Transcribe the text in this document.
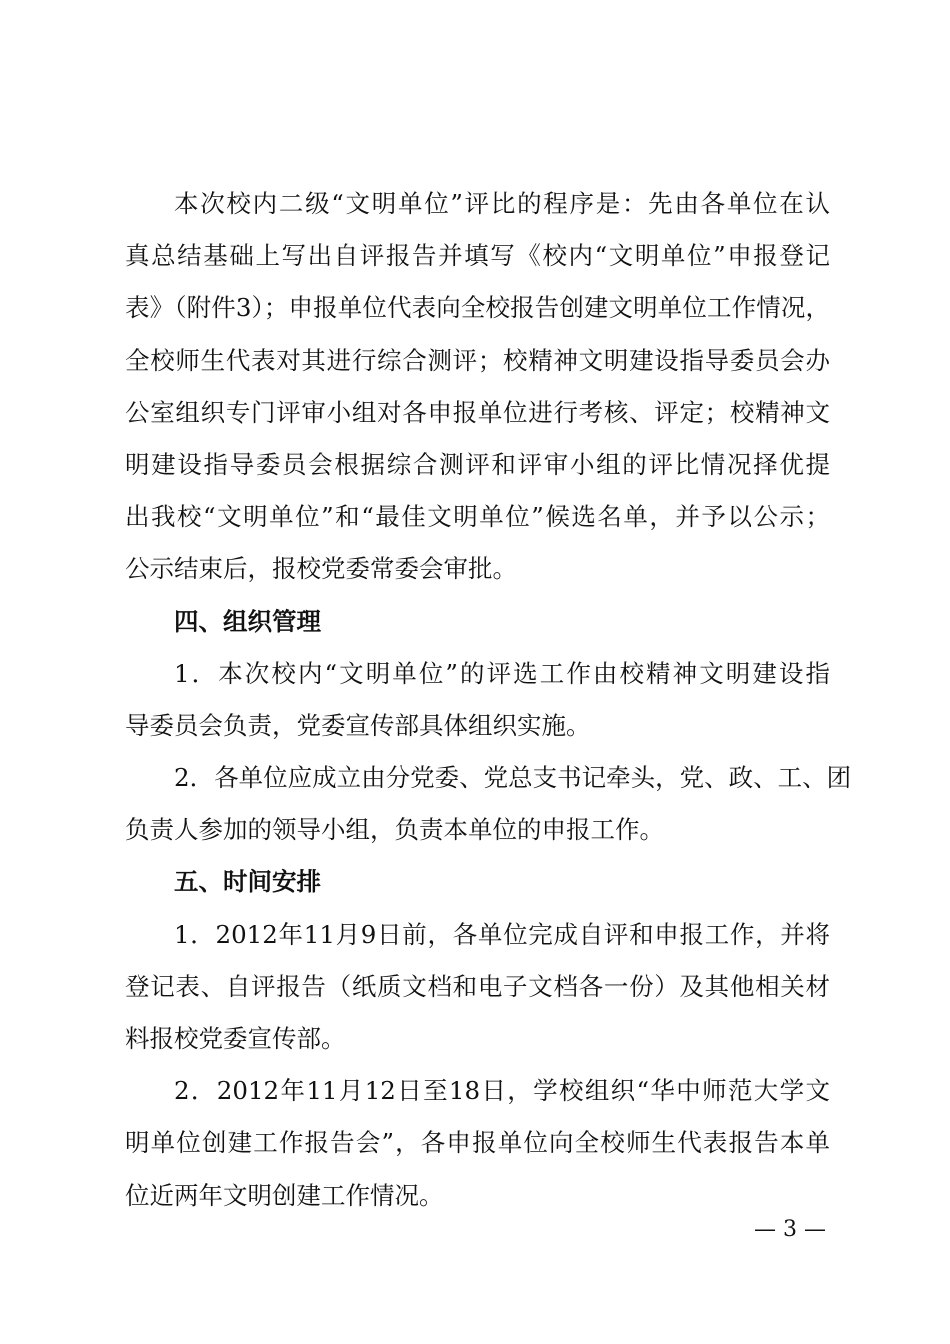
本次校内二级“文明单位”评比的程序是：先由各单位在认
真总结基础上写出自评报告并填写《校内“文明单位”申报登记
表》（附件3）；申报单位代表向全校报告创建文明单位工作情况，
全校师生代表对其进行综合测评；校精神文明建设指导委员会办
公室组织专门评审小组对各申报单位进行考核、评定；校精神文
明建设指导委员会根据综合测评和评审小组的评比情况择优提
出我校“文明单位”和“最佳文明单位”候选名单，并予以公示；
公示结束后，报校党委常委会审批。
四、组织管理
1．本次校内“文明单位”的评选工作由校精神文明建设指
导委员会负责，党委宣传部具体组织实施。
2．各单位应成立由分党委、党总支书记牵头，党、政、工、团
负责人参加的领导小组，负责本单位的申报工作。
五、时间安排
1．2012年11月9日前，各单位完成自评和申报工作，并将
登记表、自评报告（纸质文档和电子文档各一份）及其他相关材
料报校党委宣传部。
2．2012年11月12日至18日，学校组织“华中师范大学文
明单位创建工作报告会”，各申报单位向全校师生代表报告本单
位近两年文明创建工作情况。
— 3 —
